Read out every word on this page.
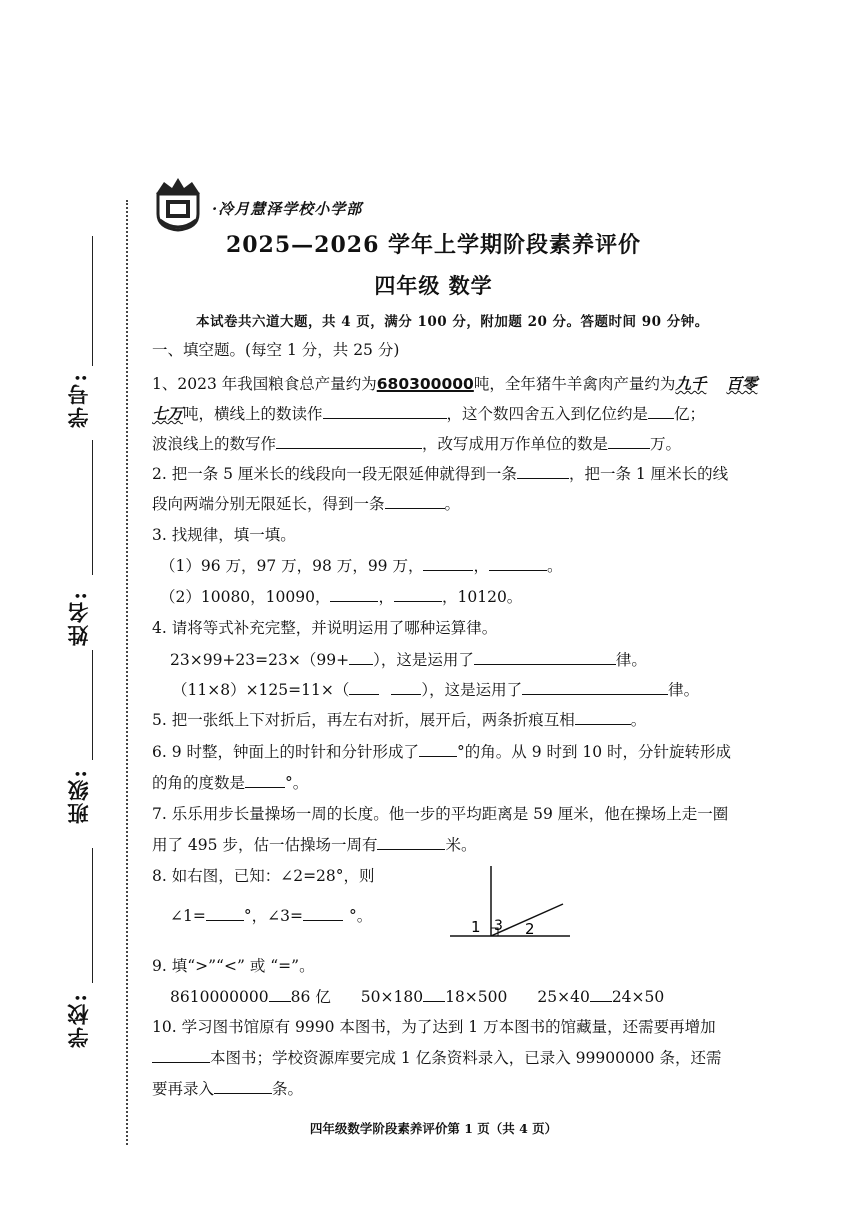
学号:
姓名:
班级:
学校:
·冷月慧泽学校小学部
2025—2026 学年上学期阶段素养评价
四年级 数学
本试卷共六道大题，共 4 页，满分 100 分，附加题 20 分。答题时间 90 分钟。
一、填空题。(每空 1 分，共 25 分)
1、2023 年我国粮食总产量约为680300000吨，全年猪牛羊禽肉产量约为九千 百零
七万吨，横线上的数读作	，这个数四舍五入到亿位约是 亿；
波浪线上的数写作	，改写成用万作单位的数是	万。
2. 把一条 5 厘米长的线段向一段无限延伸就得到一条	，把一条 1 厘米长的线
段向两端分别无限延长，得到一条	。
3. 找规律，填一填。
（1）96 万，97 万，98 万，99 万，	，	。
（2）10080，10090，	，	，10120。
4. 请将等式补充完整，并说明运用了哪种运算律。
23×99+23=23×（99+ ），这是运用了	律。
（11×8）×125=11×（	），这是运用了	律。
5. 把一张纸上下对折后，再左右对折，展开后，两条折痕互相	。
6. 9 时整，钟面上的时针和分针形成了 °的角。从 9 时到 10 时，分针旋转形成
的角的度数是	°。
7. 乐乐用步长量操场一周的长度。他一步的平均距离是 59 厘米，他在操场上走一圈
用了 495 步，估一估操场一周有	米。
8. 如右图，已知：∠2=28°，则
∠1= °，∠3=	°。
1 3 2
9. 填“>”“<” 或 “=”。
8610000000 86 亿 50×180 18×500 25×40 24×50
10. 学习图书馆原有 9990 本图书，为了达到 1 万本图书的馆藏量，还需要再增加
本图书；学校资源库要完成 1 亿条资料录入，已录入 99900000 条，还需
要再录入	条。
四年级数学阶段素养评价第 1 页（共 4 页）
